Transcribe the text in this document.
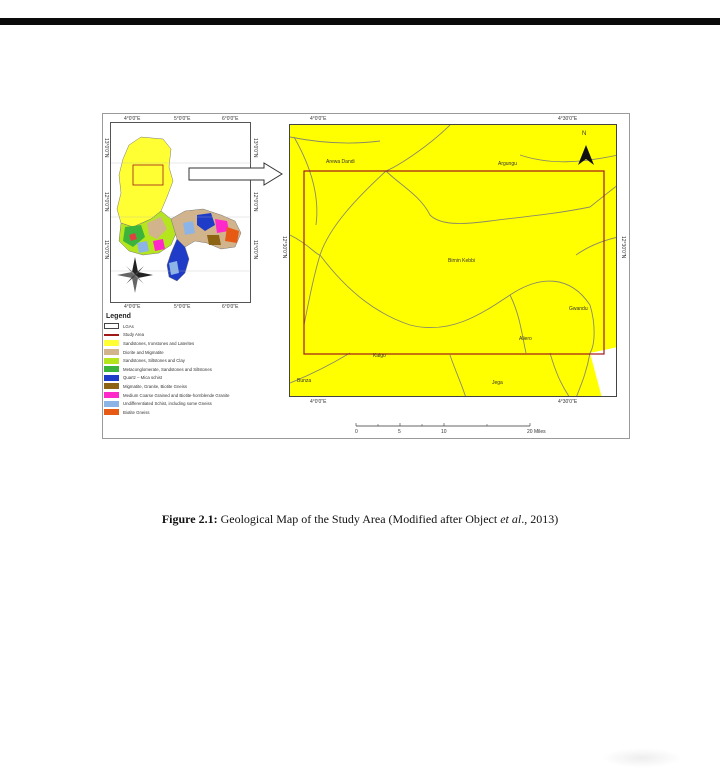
4°0'0"E	5°0'0"E	6°0'0"E
4°0'0"E	5°0'0"E	6°0'0"E
13°0'0"N
12°0'0"N
11°0'0"N
13°0'0"N
12°0'0"N
11°0'0"N
4°0'0"E	4°30'0"E
4°0'0"E	4°30'0"E
12°30'0"N	12°30'0"N
N
Arewa Dandi	Argungu
Birnin Kebbi
Gwandu
Aliero
Kalgo
Bunza	Jega
Legend
LGAs
Study Area
Sandstones, Ironstones and Laterites
Diorite and Migmatite
Sandstones, Siltstones and Clay
Metaconglomerate, Sandstones and Siltstones
Quartz – Mica schist
Migmatite, Granite, Biotite Gneiss
Medium Coarse Grained and Biotite-hornblende Granite
Undifferentiated Schist, including some Gneiss
Biotite Gneiss
0	5	10	20 Miles
Figure 2.1: Geological Map of the Study Area (Modified after Object et al., 2013)
